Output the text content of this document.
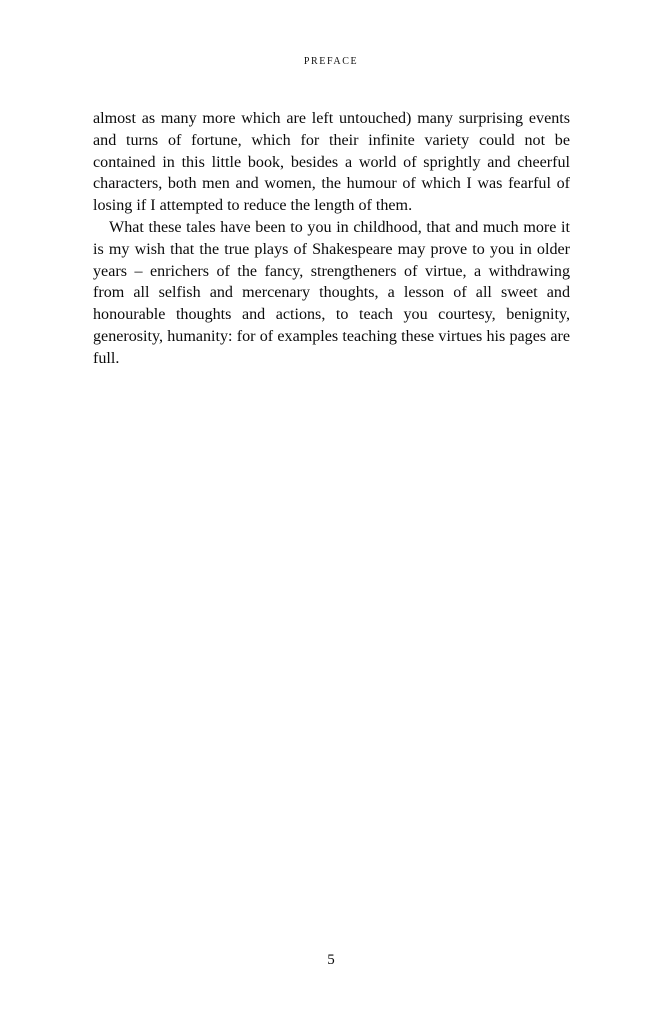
PREFACE

almost as many more which are left untouched) many surprising events and turns of fortune, which for their infinite variety could not be contained in this little book, besides a world of sprightly and cheerful characters, both men and women, the humour of which I was fearful of losing if I attempted to reduce the length of them.

What these tales have been to you in childhood, that and much more it is my wish that the true plays of Shakespeare may prove to you in older years – enrichers of the fancy, strengtheners of virtue, a withdrawing from all selfish and mercenary thoughts, a lesson of all sweet and honourable thoughts and actions, to teach you courtesy, benignity, generosity, humanity: for of examples teaching these virtues his pages are full.

5
